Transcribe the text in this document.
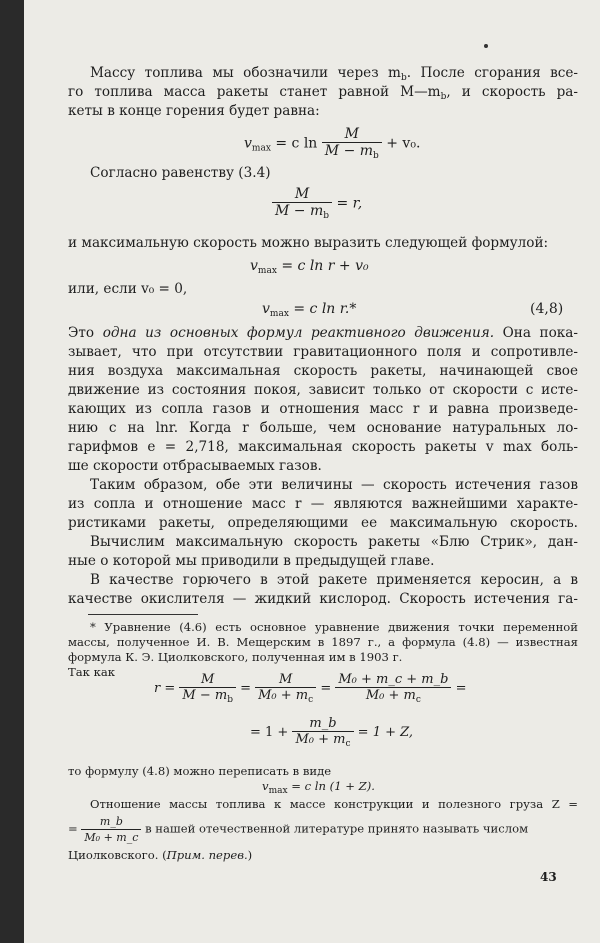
Массу топлива мы обозначили через $m_b$. После сгорания все-
го топлива масса ракеты станет равной $M—m_b$, и скорость ра-
кеты в конце горения будет равна:
$v_{max} = c$ $\ln \frac{M}{M - m_b} + v_0$.
Согласно равенству (3.4)
$\frac{M}{M - m_b} = r$,
и максимальную скорость можно выразить следующей формулой:
$v_{max} = c$ ln r + v₀
или, если v₀ = 0,
$v_{max} = c$ ln r.*	(4,8)
Это одна из основных формул реактивного движения. Она пока-
зывает, что при отсутствии гравитационного поля и сопротивле-
ния воздуха максимальная скорость ракеты, начинающей свое
движение из состояния покоя, зависит только от скорости c исте-
кающих из сопла газов и отношения масс r и равна произведе-
нию c на lnr. Когда r больше, чем основание натуральных ло-
гарифмов e = 2,718, максимальная скорость ракеты v max боль-
ше скорости отбрасываемых газов.
Таким образом, обе эти величины — скорость истечения газов
из сопла и отношение масс r — являются важнейшими характе-
ристиками ракеты, определяющими ее максимальную скорость.
Вычислим максимальную скорость ракеты «Блю Стрик», дан-
ные о которой мы приводили в предыдущей главе.
В качестве горючего в этой ракете применяется керосин, а в
качестве окислителя — жидкий кислород. Скорость истечения га-
* Уравнение (4.6) есть основное уравнение движения точки переменной
массы, полученное И. В. Мещерским в 1897 г., а формула (4.8) — известная
формула К. Э. Циолковского, полученная им в 1903 г.
Так как
$r = \frac{M}{M - m_b} = \frac{M}{M_0 + m_c} = \frac{\text{M₀ + m\_c + m\_b}}{M_0 + m_c}$ =
= $1 + \frac{m\_b}{M_0 + m_c} = 1 + Z$,
то формулу (4.8) можно переписать в виде
$v_{max} = c$ ln (1 + Z).
Отношение массы топлива к массе конструкции и полезного груза Z =
= $\frac{m\_b}{\text{M₀ + m\_c}}$ в нашей отечественной литературе принято называть числом
Циолковского. (Прим. перев.)
43
